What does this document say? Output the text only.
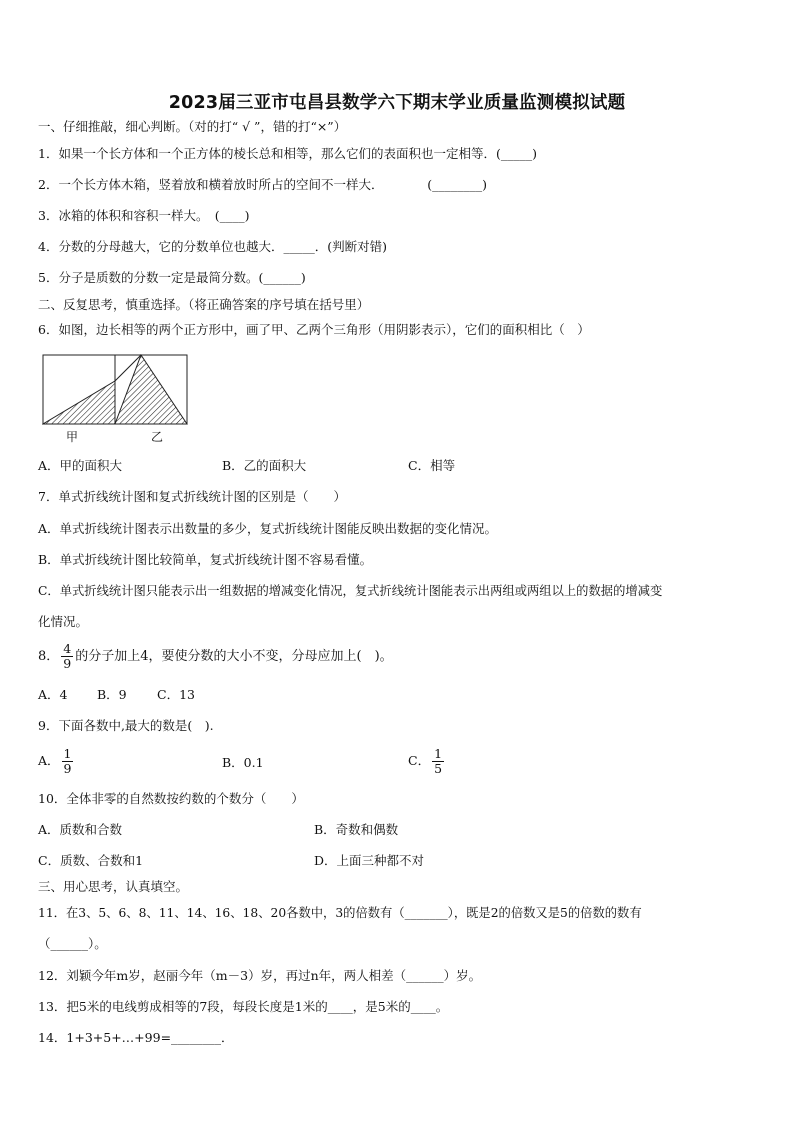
2023届三亚市屯昌县数学六下期末学业质量监测模拟试题
一、仔细推敲，细心判断。（对的打“ √ ”，错的打“×”）
1．如果一个长方体和一个正方体的棱长总和相等，那么它们的表面积也一定相等．(_____)
2．一个长方体木箱，竖着放和横着放时所占的空间不一样大．　　　　(________)
3．冰箱的体积和容积一样大。　(____)
4．分数的分母越大，它的分数单位也越大．_____．(判断对错)
5．分子是质数的分数一定是最简分数。(______)
二、反复思考，慎重选择。（将正确答案的序号填在括号里）
6．如图，边长相等的两个正方形中，画了甲、乙两个三角形（用阴影表示），它们的面积相比（　）
甲	乙
A．甲的面积大	B．乙的面积大	C．相等
7．单式折线统计图和复式折线统计图的区别是（　　）
A．单式折线统计图表示出数量的多少，复式折线统计图能反映出数据的变化情况。
B．单式折线统计图比较简单，复式折线统计图不容易看懂。
C．单式折线统计图只能表示出一组数据的增减变化情况，复式折线统计图能表示出两组或两组以上的数据的增减变
化情况。
8． $\frac{4}{9}$ 的分子加上4，要使分数的大小不变，分母应加上(　)。
A．4 B．9 C．13
9．下面各数中,最大的数是(　).
A． $\frac{1}{9}$	B．0.1	C． $\frac{1}{5}$
10．全体非零的自然数按约数的个数分（　　）
A．质数和合数	B．奇数和偶数
C．质数、合数和1	D．上面三种都不对
三、用心思考，认真填空。
11．在3、5、6、8、11、14、16、18、20各数中，3的倍数有（_______），既是2的倍数又是5的倍数的数有
（______）。
12．刘颖今年m岁，赵丽今年（m－3）岁，再过n年，两人相差（______）岁。
13．把5米的电线剪成相等的7段，每段长度是1米的____，是5米的____。
14．1+3+5+…+99=________．
